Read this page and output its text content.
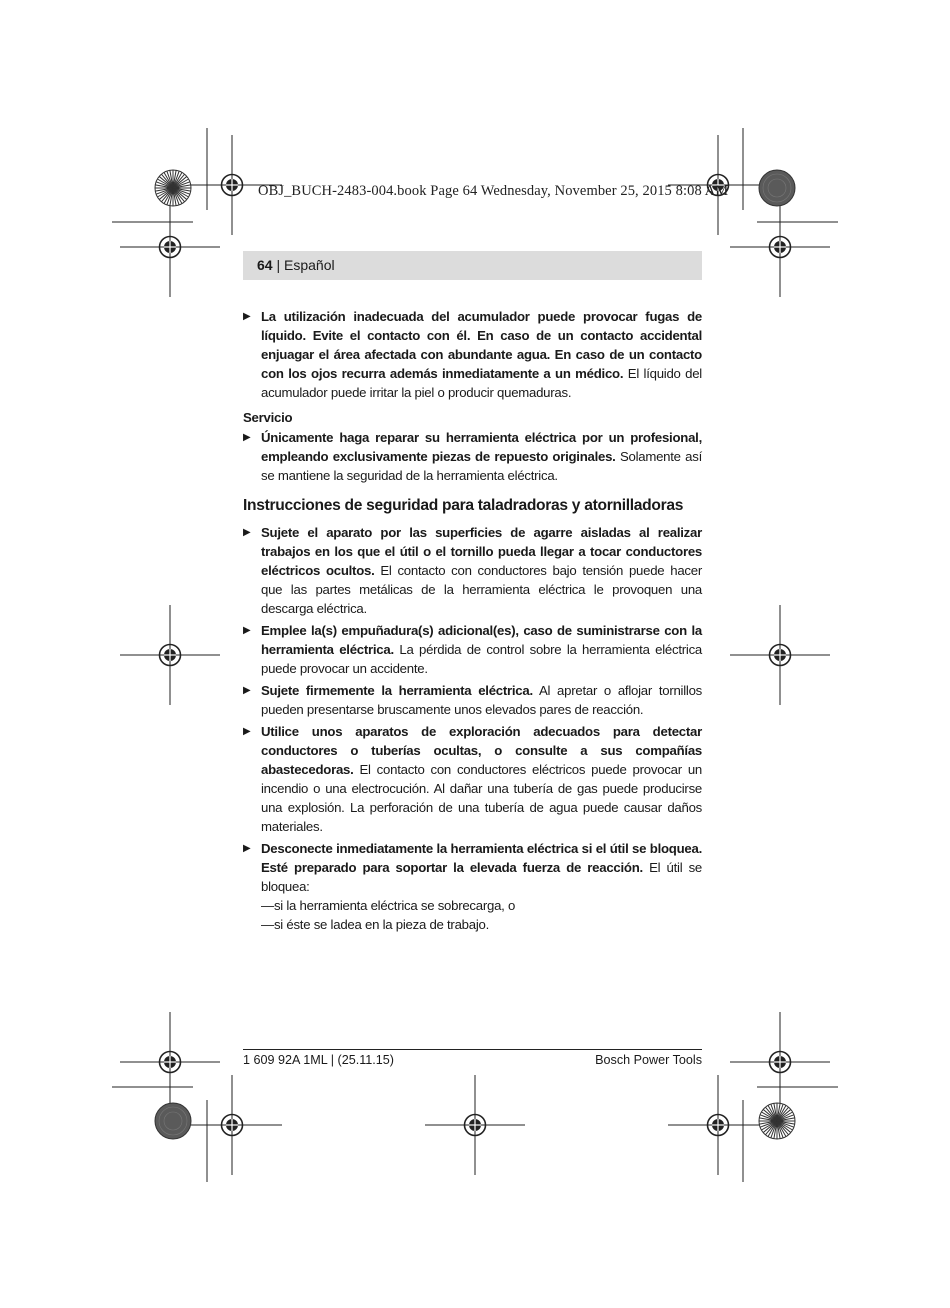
OBJ_BUCH-2483-004.book Page 64 Wednesday, November 25, 2015 8:08 AM
64 | Español
▶ La utilización inadecuada del acumulador puede provocar fugas de líquido. Evite el contacto con él. En caso de un contacto accidental enjuagar el área afectada con abundante agua. En caso de un contacto con los ojos recurra además inmediatamente a un médico. El líquido del acumulador puede irritar la piel o producir quemaduras.
Servicio
▶ Únicamente haga reparar su herramienta eléctrica por un profesional, empleando exclusivamente piezas de repuesto originales. Solamente así se mantiene la seguridad de la herramienta eléctrica.
Instrucciones de seguridad para taladradoras y atornilladoras
▶ Sujete el aparato por las superficies de agarre aisladas al realizar trabajos en los que el útil o el tornillo pueda llegar a tocar conductores eléctricos ocultos. El contacto con conductores bajo tensión puede hacer que las partes metálicas de la herramienta eléctrica le provoquen una descarga eléctrica.
▶ Emplee la(s) empuñadura(s) adicional(es), caso de suministrarse con la herramienta eléctrica. La pérdida de control sobre la herramienta eléctrica puede provocar un accidente.
▶ Sujete firmemente la herramienta eléctrica. Al apretar o aflojar tornillos pueden presentarse bruscamente unos elevados pares de reacción.
▶ Utilice unos aparatos de exploración adecuados para detectar conductores o tuberías ocultas, o consulte a sus compañías abastecedoras. El contacto con conductores eléctricos puede provocar un incendio o una electrocución. Al dañar una tubería de gas puede producirse una explosión. La perforación de una tubería de agua puede causar daños materiales.
▶ Desconecte inmediatamente la herramienta eléctrica si el útil se bloquea. Esté preparado para soportar la elevada fuerza de reacción. El útil se bloquea:
—si la herramienta eléctrica se sobrecarga, o
—si éste se ladea en la pieza de trabajo.
1 609 92A 1ML | (25.11.15)	Bosch Power Tools
